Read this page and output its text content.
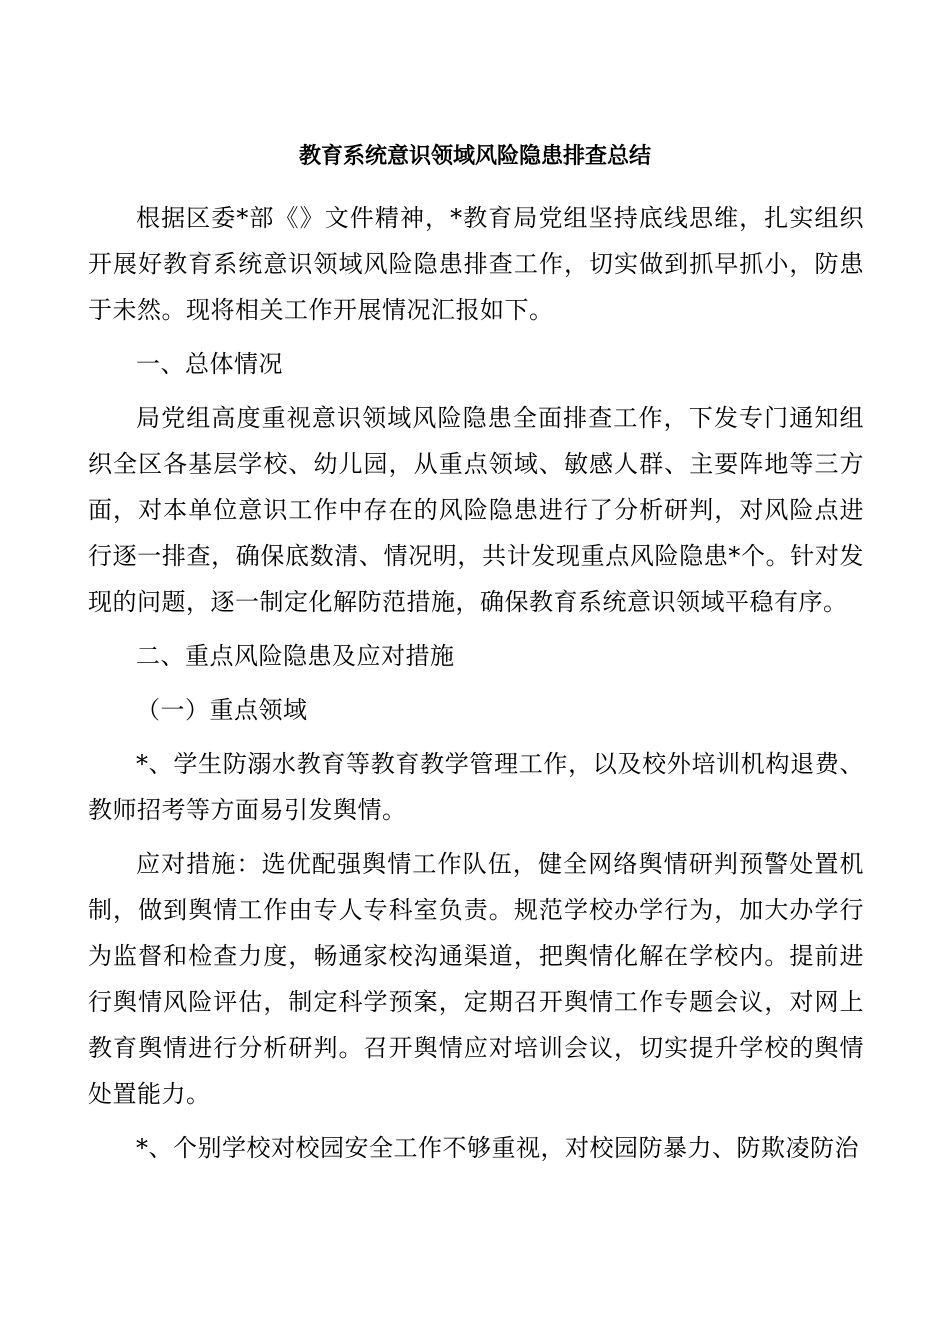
教育系统意识领域风险隐患排查总结

根据区委*部《》文件精神，*教育局党组坚持底线思维，扎实组织开展好教育系统意识领域风险隐患排查工作，切实做到抓早抓小，防患于未然。现将相关工作开展情况汇报如下。

一、总体情况

局党组高度重视意识领域风险隐患全面排查工作，下发专门通知组织全区各基层学校、幼儿园，从重点领域、敏感人群、主要阵地等三方面，对本单位意识工作中存在的风险隐患进行了分析研判，对风险点进行逐一排查，确保底数清、情况明，共计发现重点风险隐患*个。针对发现的问题，逐一制定化解防范措施，确保教育系统意识领域平稳有序。

二、重点风险隐患及应对措施

（一）重点领域

*、学生防溺水教育等教育教学管理工作，以及校外培训机构退费、教师招考等方面易引发舆情。

应对措施：选优配强舆情工作队伍，健全网络舆情研判预警处置机制，做到舆情工作由专人专科室负责。规范学校办学行为，加大办学行为监督和检查力度，畅通家校沟通渠道，把舆情化解在学校内。提前进行舆情风险评估，制定科学预案，定期召开舆情工作专题会议，对网上教育舆情进行分析研判。召开舆情应对培训会议，切实提升学校的舆情处置能力。

*、个别学校对校园安全工作不够重视，对校园防暴力、防欺凌防治
